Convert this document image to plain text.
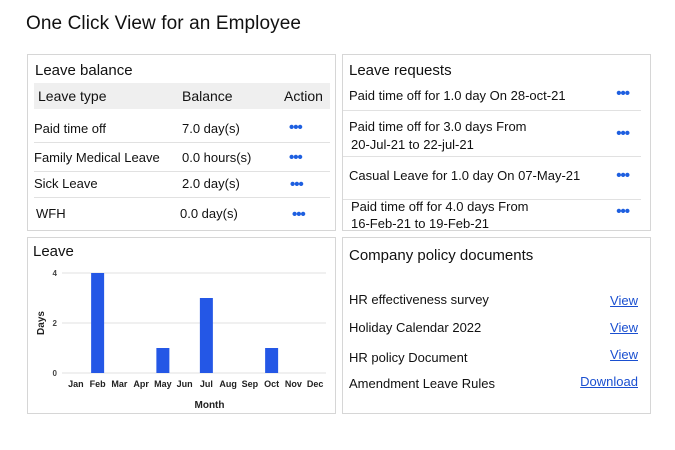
One Click View for an Employee
Leave balance
Leave type	Balance	Action
Paid time off	7.0 day(s)	•••
Family Medical Leave 0.0 hours(s)	•••
Sick Leave	2.0 day(s)	•••
WFH	0.0 day(s)	•••
Leave requests
Paid time off for 1.0 day On 28-oct-21	•••
Paid time off for 3.0 days From
20-Jul-21 to 22-jul-21
•••
Casual Leave for 1.0 day On 07-May-21 •••
Paid time off for 4.0 days From
16-Feb-21 to 19-Feb-21
•••
Leave
0
2
4
Jan Feb Mar Apr May Jun Jul Aug Sep Oct Nov Dec
Month
Days
Company policy documents
HR effectiveness survey	View
Holiday Calendar 2022	View
HR policy Document	View
Amendment Leave Rules	Download
